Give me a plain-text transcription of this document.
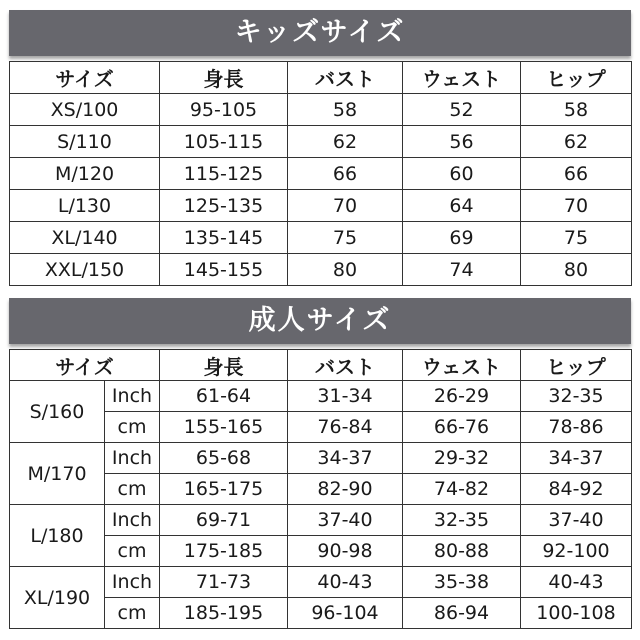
キッズサイズ
サイズ	身長	バスト	ウェスト	ヒップ
XS/100	95-105	58	52	58
S/110	105-115	62	56	62
M/120	115-125	66	60	66
L/130	125-135	70	64	70
XL/140	135-145	75	69	75
XXL/150	145-155	80	74	80
成人サイズ
サイズ		身長	バスト	ウェスト	ヒップ
S/160	Inch	61-64	31-34	26-29	32-35
	cm	155-165	76-84	66-76	78-86
M/170	Inch	65-68	34-37	29-32	34-37
	cm	165-175	82-90	74-82	84-92
L/180	Inch	69-71	37-40	32-35	37-40
	cm	175-185	90-98	80-88	92-100
XL/190	Inch	71-73	40-43	35-38	40-43
	cm	185-195	96-104	86-94	100-108
